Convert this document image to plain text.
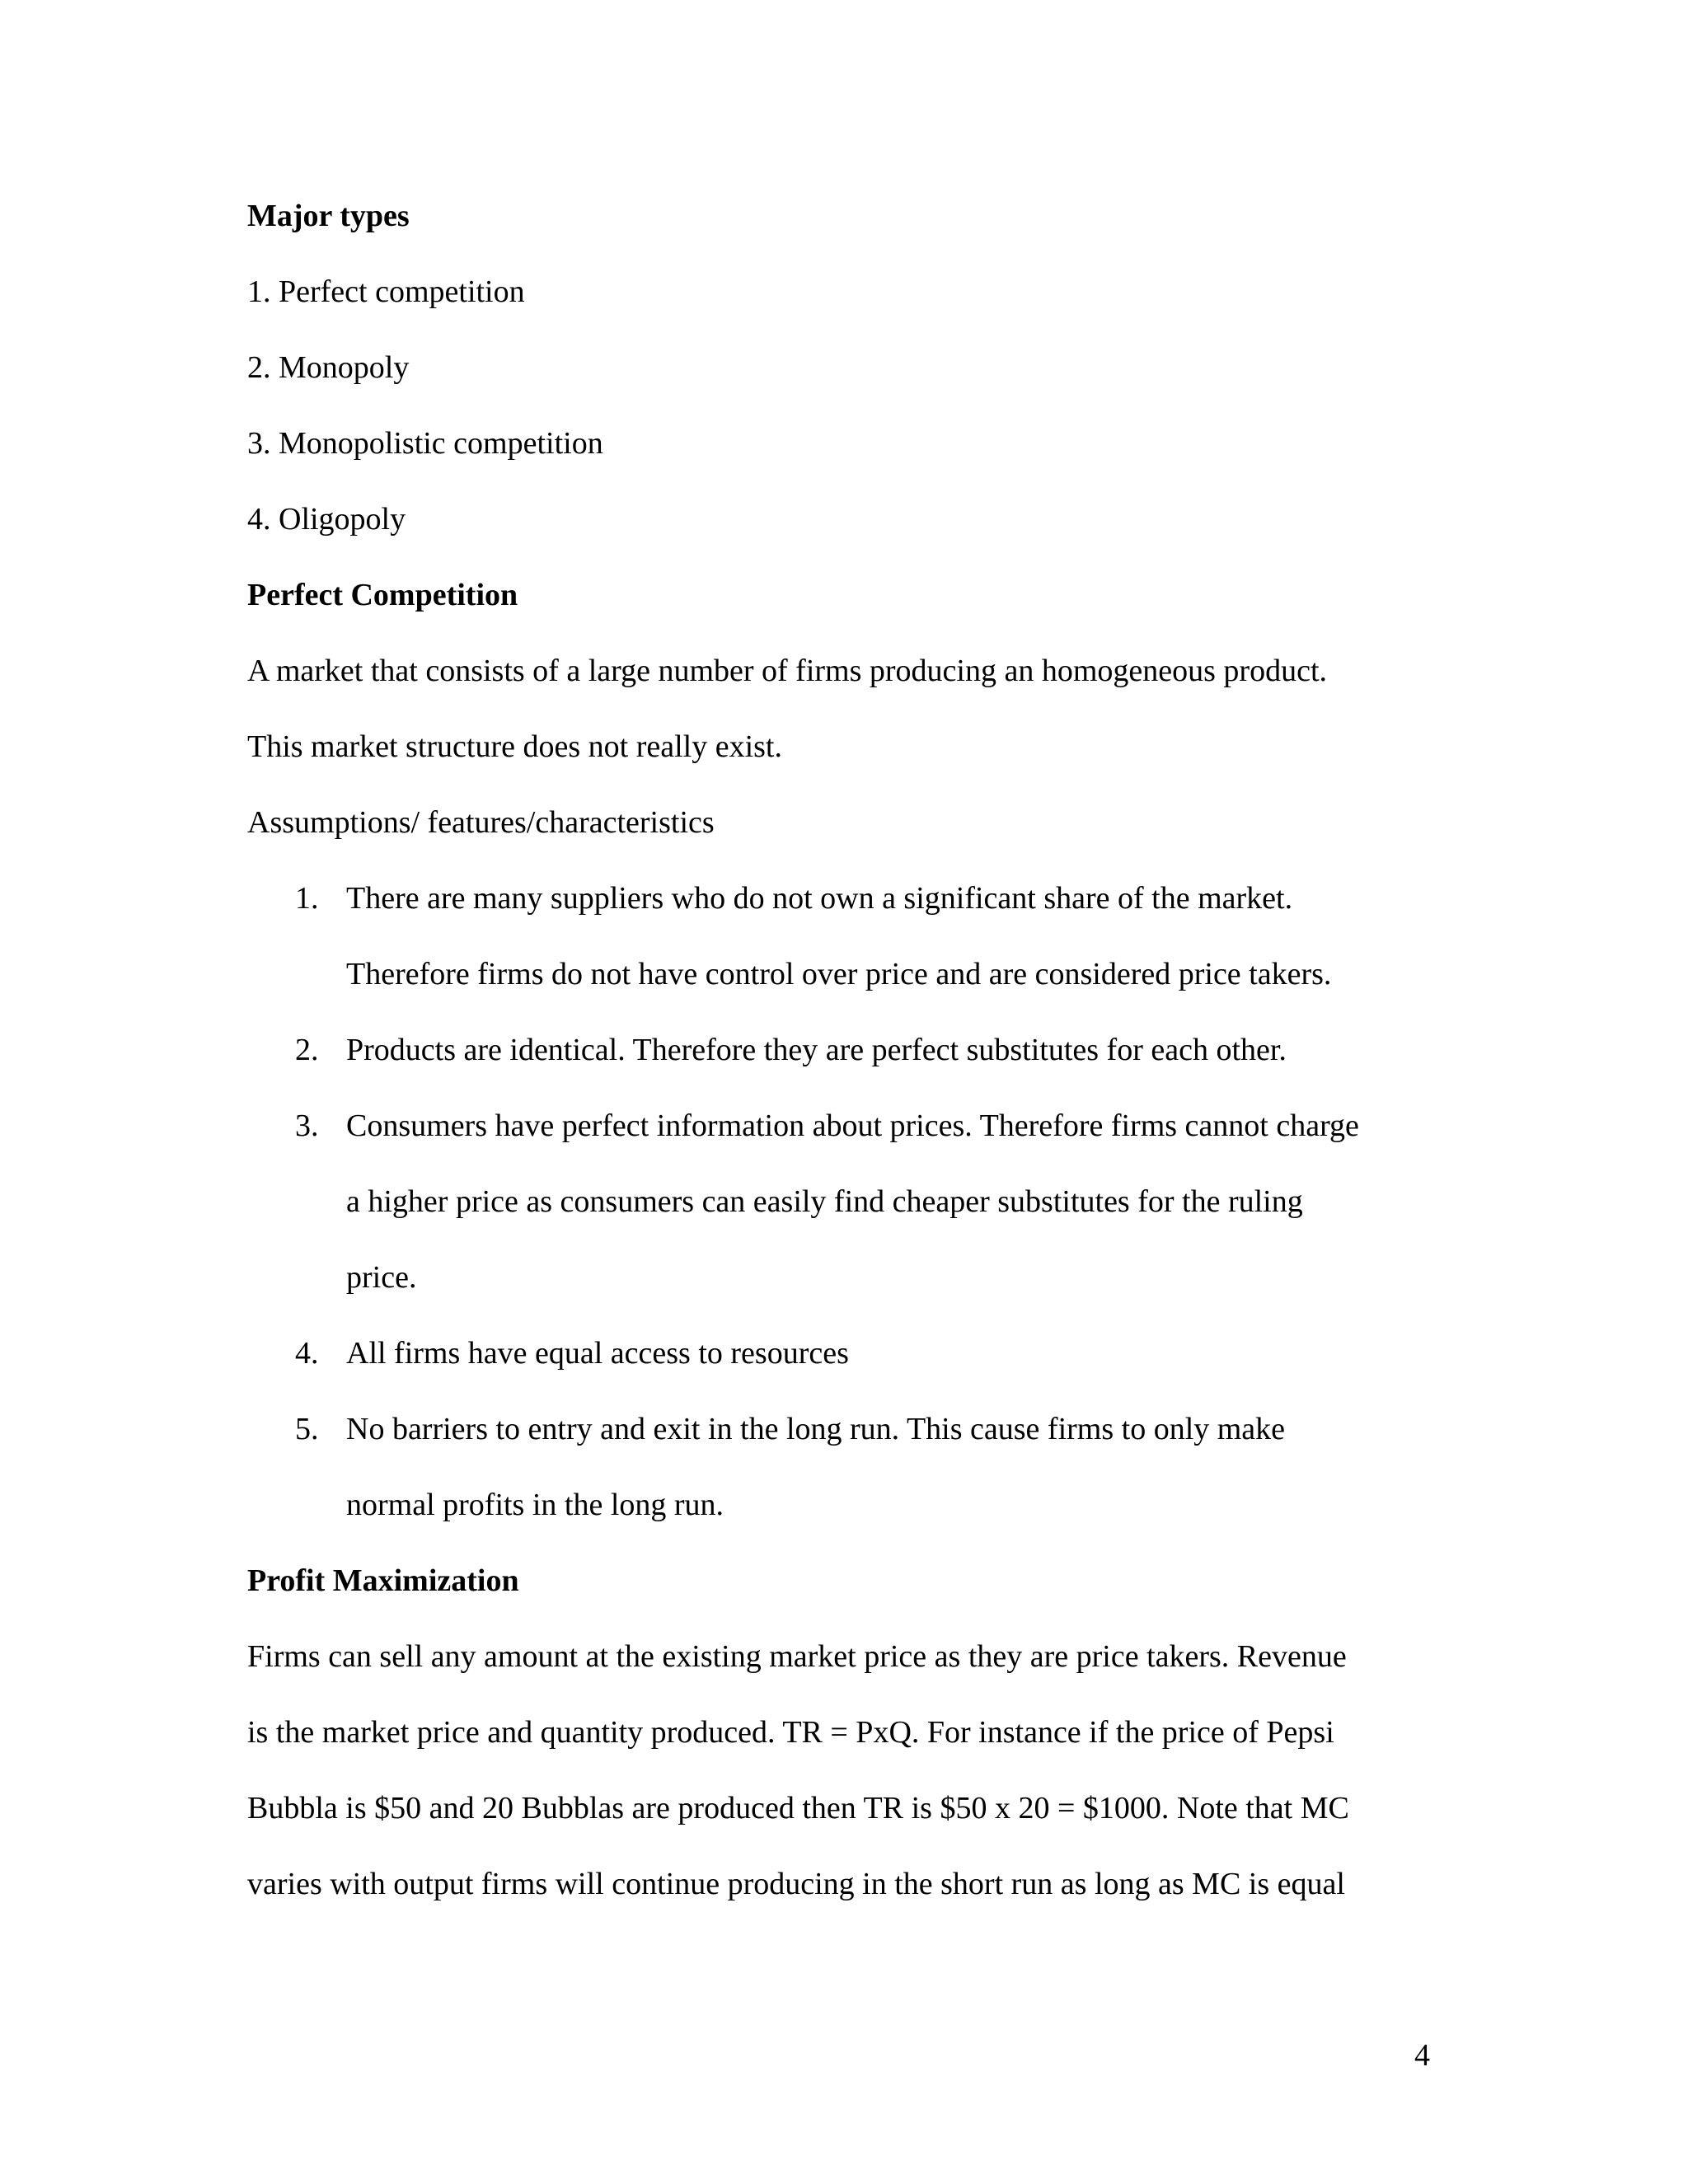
Major types
1. Perfect competition
2. Monopoly
3. Monopolistic competition
4. Oligopoly
Perfect Competition
A market that consists of a large number of firms producing an homogeneous product.
This market structure does not really exist.
Assumptions/ features/characteristics
1. There are many suppliers who do not own a significant share of the market.
Therefore firms do not have control over price and are considered price takers.
2. Products are identical. Therefore they are perfect substitutes for each other.
3. Consumers have perfect information about prices. Therefore firms cannot charge
a higher price as consumers can easily find cheaper substitutes for the ruling
price.
4. All firms have equal access to resources
5. No barriers to entry and exit in the long run. This cause firms to only make
normal profits in the long run.
Profit Maximization
Firms can sell any amount at the existing market price as they are price takers. Revenue
is the market price and quantity produced. TR = PxQ. For instance if the price of Pepsi
Bubbla is $50 and 20 Bubblas are produced then TR is $50 x 20 = $1000. Note that MC
varies with output firms will continue producing in the short run as long as MC is equal
4
